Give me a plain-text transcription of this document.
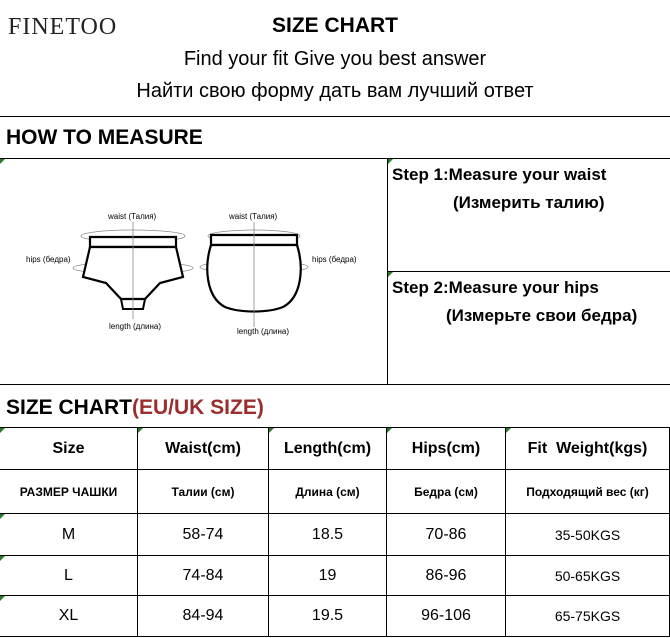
FINETOO	SIZE CHART
Find your fit Give you best answer
Найти свою форму дать вам лучший ответ
HOW TO MEASURE
waist (Талия)
hips (бедра)
length (длина)
waist (Талия)
hips (бедра)
length (длина)
Step 1:Measure your waist
(Измерить талию)
Step 2:Measure your hips
(Измерьте свои бедра)
SIZE CHART(EU/UK SIZE)
Size	Waist(cm)	Length(cm)	Hips(cm)	Fit  Weight(kgs)
РАЗМЕР ЧАШКИ	Талии (см)	Длина (см)	Бедра (см)	Подходящий вес (кг)
M	58-74	18.5	70-86	35-50KGS
L	74-84	19	86-96	50-65KGS
XL	84-94	19.5	96-106	65-75KGS
